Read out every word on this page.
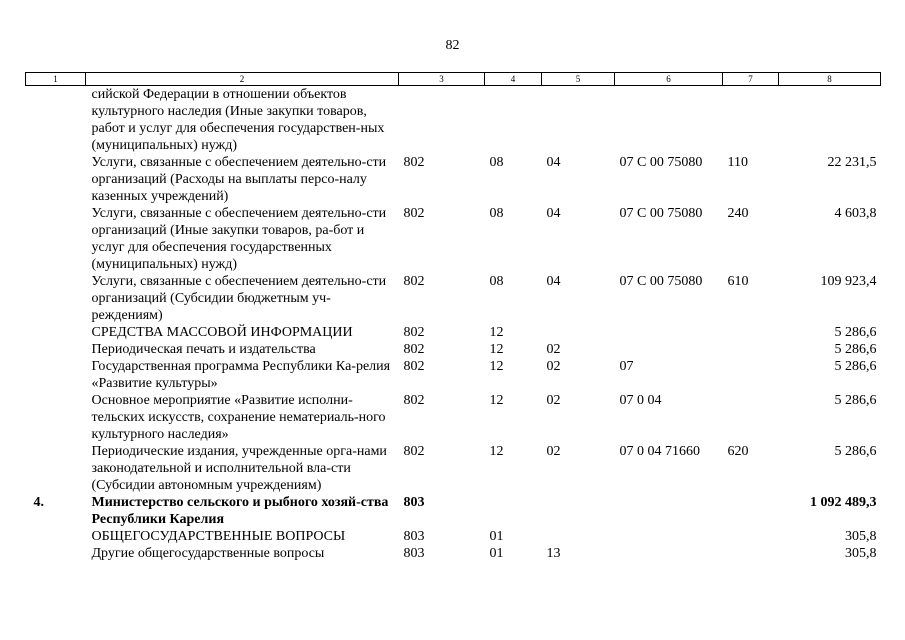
82
1	2	3	4	5	6	7	8
	сийской Федерации в отношении объектов культурного наследия (Иные закупки товаров, работ и услуг для обеспечения государствен-ных (муниципальных) нужд)						
	Услуги, связанные с обеспечением деятельно-сти организаций (Расходы на выплаты персо-налу казенных учреждений)	802	08	04	07 С 00 75080	110	22 231,5
	Услуги, связанные с обеспечением деятельно-сти организаций (Иные закупки товаров, ра-бот и услуг для обеспечения государственных (муниципальных) нужд)	802	08	04	07 С 00 75080	240	4 603,8
	Услуги, связанные с обеспечением деятельно-сти организаций (Субсидии бюджетным уч-реждениям)	802	08	04	07 С 00 75080	610	109 923,4
	СРЕДСТВА МАССОВОЙ ИНФОРМАЦИИ	802	12				5 286,6
	Периодическая печать и издательства	802	12	02			5 286,6
	Государственная программа Республики Ка-релия «Развитие культуры»	802	12	02	07		5 286,6
	Основное мероприятие «Развитие исполни-тельских искусств, сохранение нематериаль-ного культурного наследия»	802	12	02	07 0 04		5 286,6
	Периодические издания, учрежденные орга-нами законодательной и исполнительной вла-сти (Субсидии автономным учреждениям)	802	12	02	07 0 04 71660	620	5 286,6
4.	Министерство сельского и рыбного хозяй-ства Республики Карелия	803					1 092 489,3
	ОБЩЕГОСУДАРСТВЕННЫЕ ВОПРОСЫ	803	01				305,8
	Другие общегосударственные вопросы	803	01	13			305,8
